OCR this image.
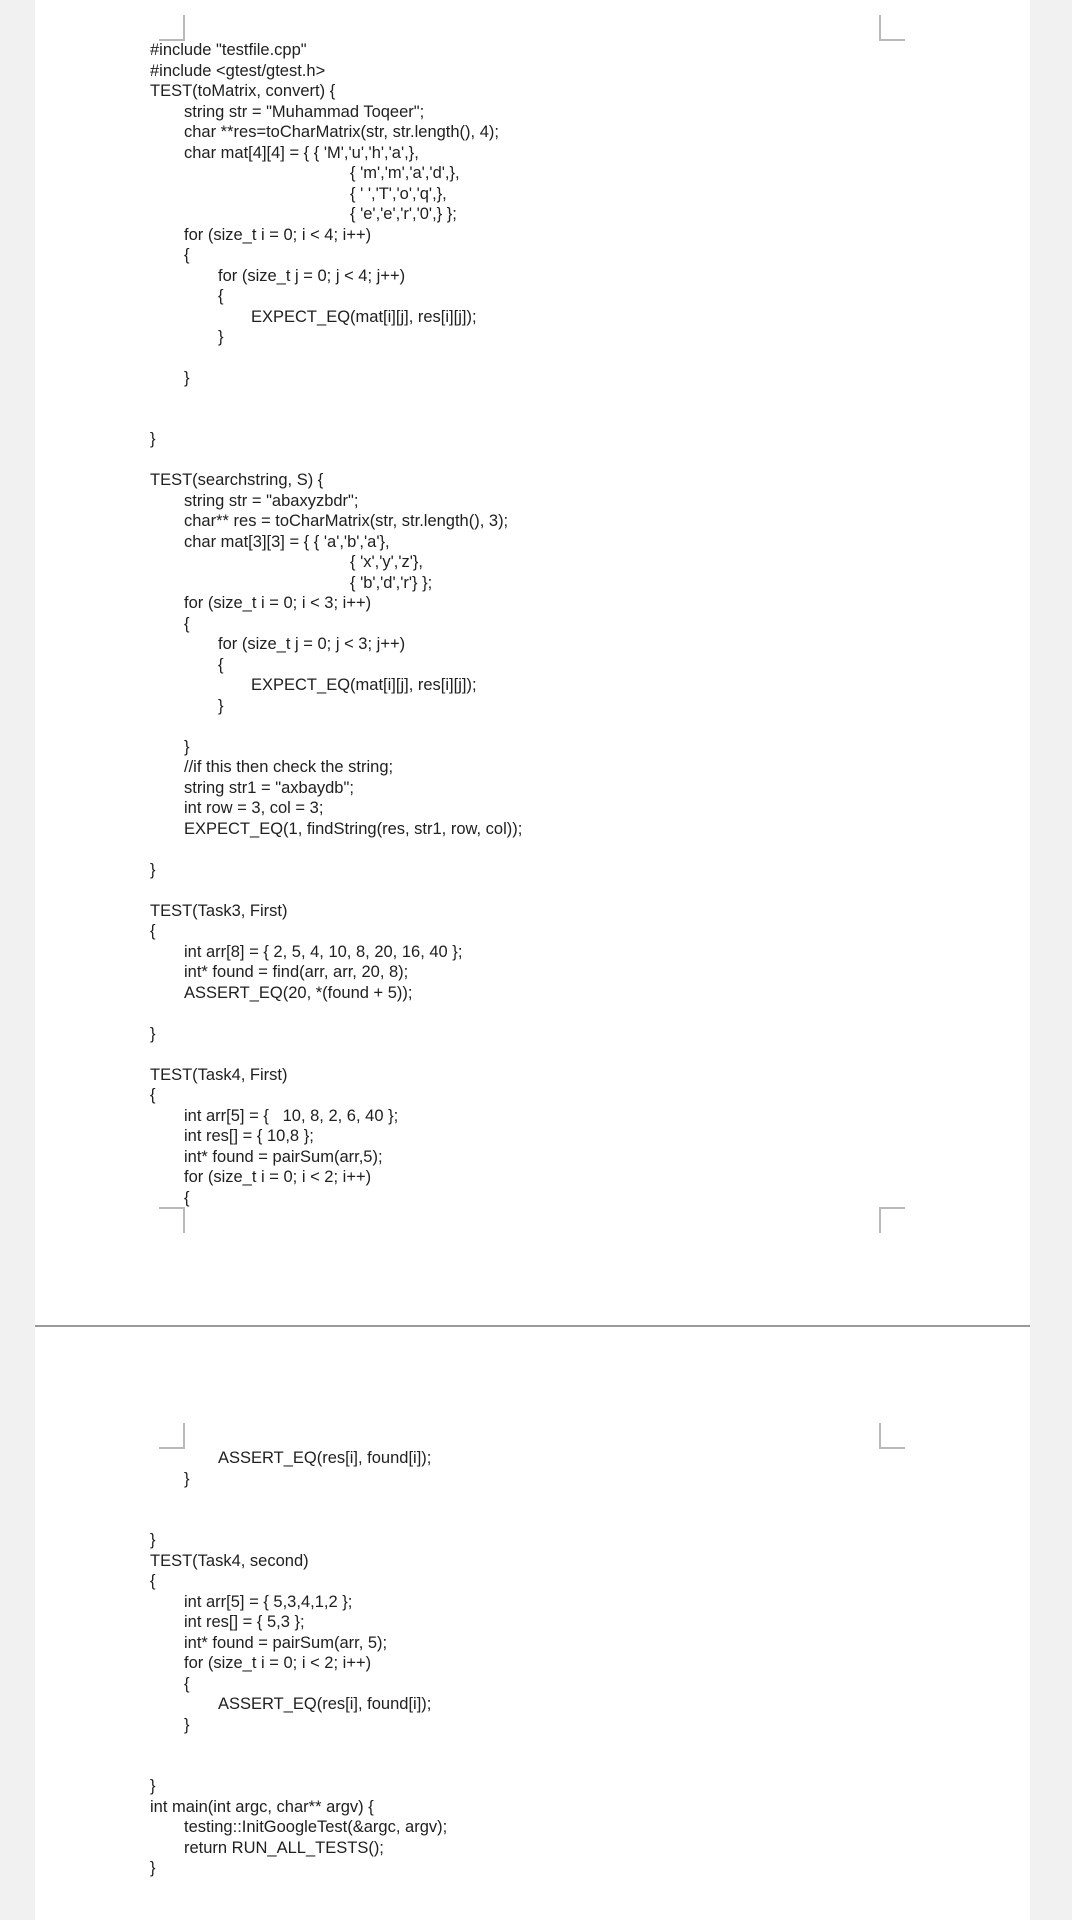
#include "testfile.cpp"
#include <gtest/gtest.h>
TEST(toMatrix, convert) {
string str = "Muhammad Toqeer";
char **res=toCharMatrix(str, str.length(), 4);
char mat[4][4] = { { 'M','u','h','a',},
{ 'm','m','a','d',},
{ ' ','T','o','q',},
{ 'e','e','r','0',} };
for (size_t i = 0; i < 4; i++)
{
for (size_t j = 0; j < 4; j++)
{
EXPECT_EQ(mat[i][j], res[i][j]);
}
}
}
TEST(searchstring, S) {
string str = "abaxyzbdr";
char** res = toCharMatrix(str, str.length(), 3);
char mat[3][3] = { { 'a','b','a'},
{ 'x','y','z'},
{ 'b','d','r'} };
for (size_t i = 0; i < 3; i++)
{
for (size_t j = 0; j < 3; j++)
{
EXPECT_EQ(mat[i][j], res[i][j]);
}
}
//if this then check the string;
string str1 = "axbaydb";
int row = 3, col = 3;
EXPECT_EQ(1, findString(res, str1, row, col));
}
TEST(Task3, First)
{
int arr[8] = { 2, 5, 4, 10, 8, 20, 16, 40 };
int* found = find(arr, arr, 20, 8);
ASSERT_EQ(20, *(found + 5));
}
TEST(Task4, First)
{
int arr[5] = {   10, 8, 2, 6, 40 };
int res[] = { 10,8 };
int* found = pairSum(arr,5);
for (size_t i = 0; i < 2; i++)
{
ASSERT_EQ(res[i], found[i]);
}
}
TEST(Task4, second)
{
int arr[5] = { 5,3,4,1,2 };
int res[] = { 5,3 };
int* found = pairSum(arr, 5);
for (size_t i = 0; i < 2; i++)
{
ASSERT_EQ(res[i], found[i]);
}
}
int main(int argc, char** argv) {
testing::InitGoogleTest(&argc, argv);
return RUN_ALL_TESTS();
}
